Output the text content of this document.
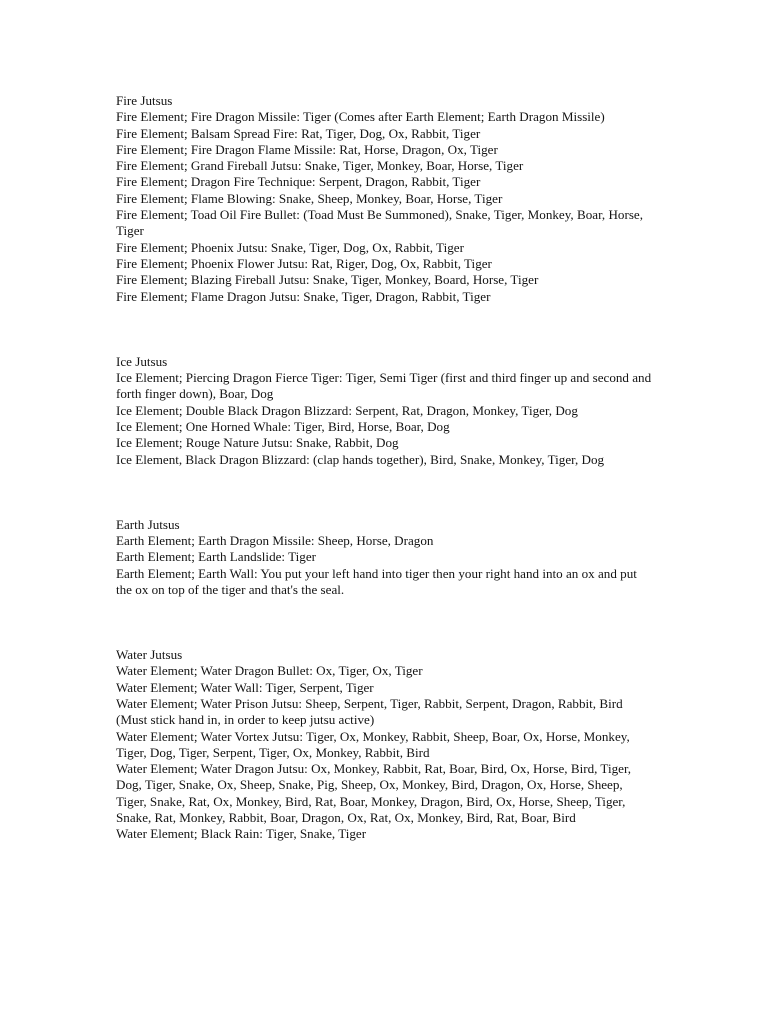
Fire Jutsus
Fire Element; Fire Dragon Missile: Tiger (Comes after Earth Element; Earth Dragon Missile)
Fire Element; Balsam Spread Fire: Rat, Tiger, Dog, Ox, Rabbit, Tiger
Fire Element; Fire Dragon Flame Missile: Rat, Horse, Dragon, Ox, Tiger
Fire Element; Grand Fireball Jutsu: Snake, Tiger, Monkey, Boar, Horse, Tiger
Fire Element; Dragon Fire Technique: Serpent, Dragon, Rabbit, Tiger
Fire Element; Flame Blowing: Snake, Sheep, Monkey, Boar, Horse, Tiger
Fire Element; Toad Oil Fire Bullet: (Toad Must Be Summoned), Snake, Tiger, Monkey, Boar, Horse, Tiger
Fire Element; Phoenix Jutsu: Snake, Tiger, Dog, Ox, Rabbit, Tiger
Fire Element; Phoenix Flower Jutsu: Rat, Riger, Dog, Ox, Rabbit, Tiger
Fire Element; Blazing Fireball Jutsu: Snake, Tiger, Monkey, Board, Horse, Tiger
Fire Element; Flame Dragon Jutsu: Snake, Tiger, Dragon, Rabbit, Tiger
Ice Jutsus
Ice Element; Piercing Dragon Fierce Tiger: Tiger, Semi Tiger (first and third finger up and second and forth finger down), Boar, Dog
Ice Element; Double Black Dragon Blizzard: Serpent, Rat, Dragon, Monkey, Tiger, Dog
Ice Element; One Horned Whale: Tiger, Bird, Horse, Boar, Dog
Ice Element; Rouge Nature Jutsu: Snake, Rabbit, Dog
Ice Element, Black Dragon Blizzard: (clap hands together), Bird, Snake, Monkey, Tiger, Dog
Earth Jutsus
Earth Element; Earth Dragon Missile: Sheep, Horse, Dragon
Earth Element; Earth Landslide: Tiger
Earth Element; Earth Wall: You put your left hand into tiger then your right hand into an ox and put the ox on top of the tiger and that's the seal.
Water Jutsus
Water Element; Water Dragon Bullet: Ox, Tiger, Ox, Tiger
Water Element; Water Wall: Tiger, Serpent, Tiger
Water Element; Water Prison Jutsu: Sheep, Serpent, Tiger, Rabbit, Serpent, Dragon, Rabbit, Bird (Must stick hand in, in order to keep jutsu active)
Water Element; Water Vortex Jutsu: Tiger, Ox, Monkey, Rabbit, Sheep, Boar, Ox, Horse, Monkey, Tiger, Dog, Tiger, Serpent, Tiger, Ox, Monkey, Rabbit, Bird
Water Element; Water Dragon Jutsu: Ox, Monkey, Rabbit, Rat, Boar, Bird, Ox, Horse, Bird, Tiger, Dog, Tiger, Snake, Ox, Sheep, Snake, Pig, Sheep, Ox, Monkey, Bird, Dragon, Ox, Horse, Sheep, Tiger, Snake, Rat, Ox, Monkey, Bird, Rat, Boar, Monkey, Dragon, Bird, Ox, Horse, Sheep, Tiger, Snake, Rat, Monkey, Rabbit, Boar, Dragon, Ox, Rat, Ox, Monkey, Bird, Rat, Boar, Bird
Water Element; Black Rain: Tiger, Snake, Tiger
